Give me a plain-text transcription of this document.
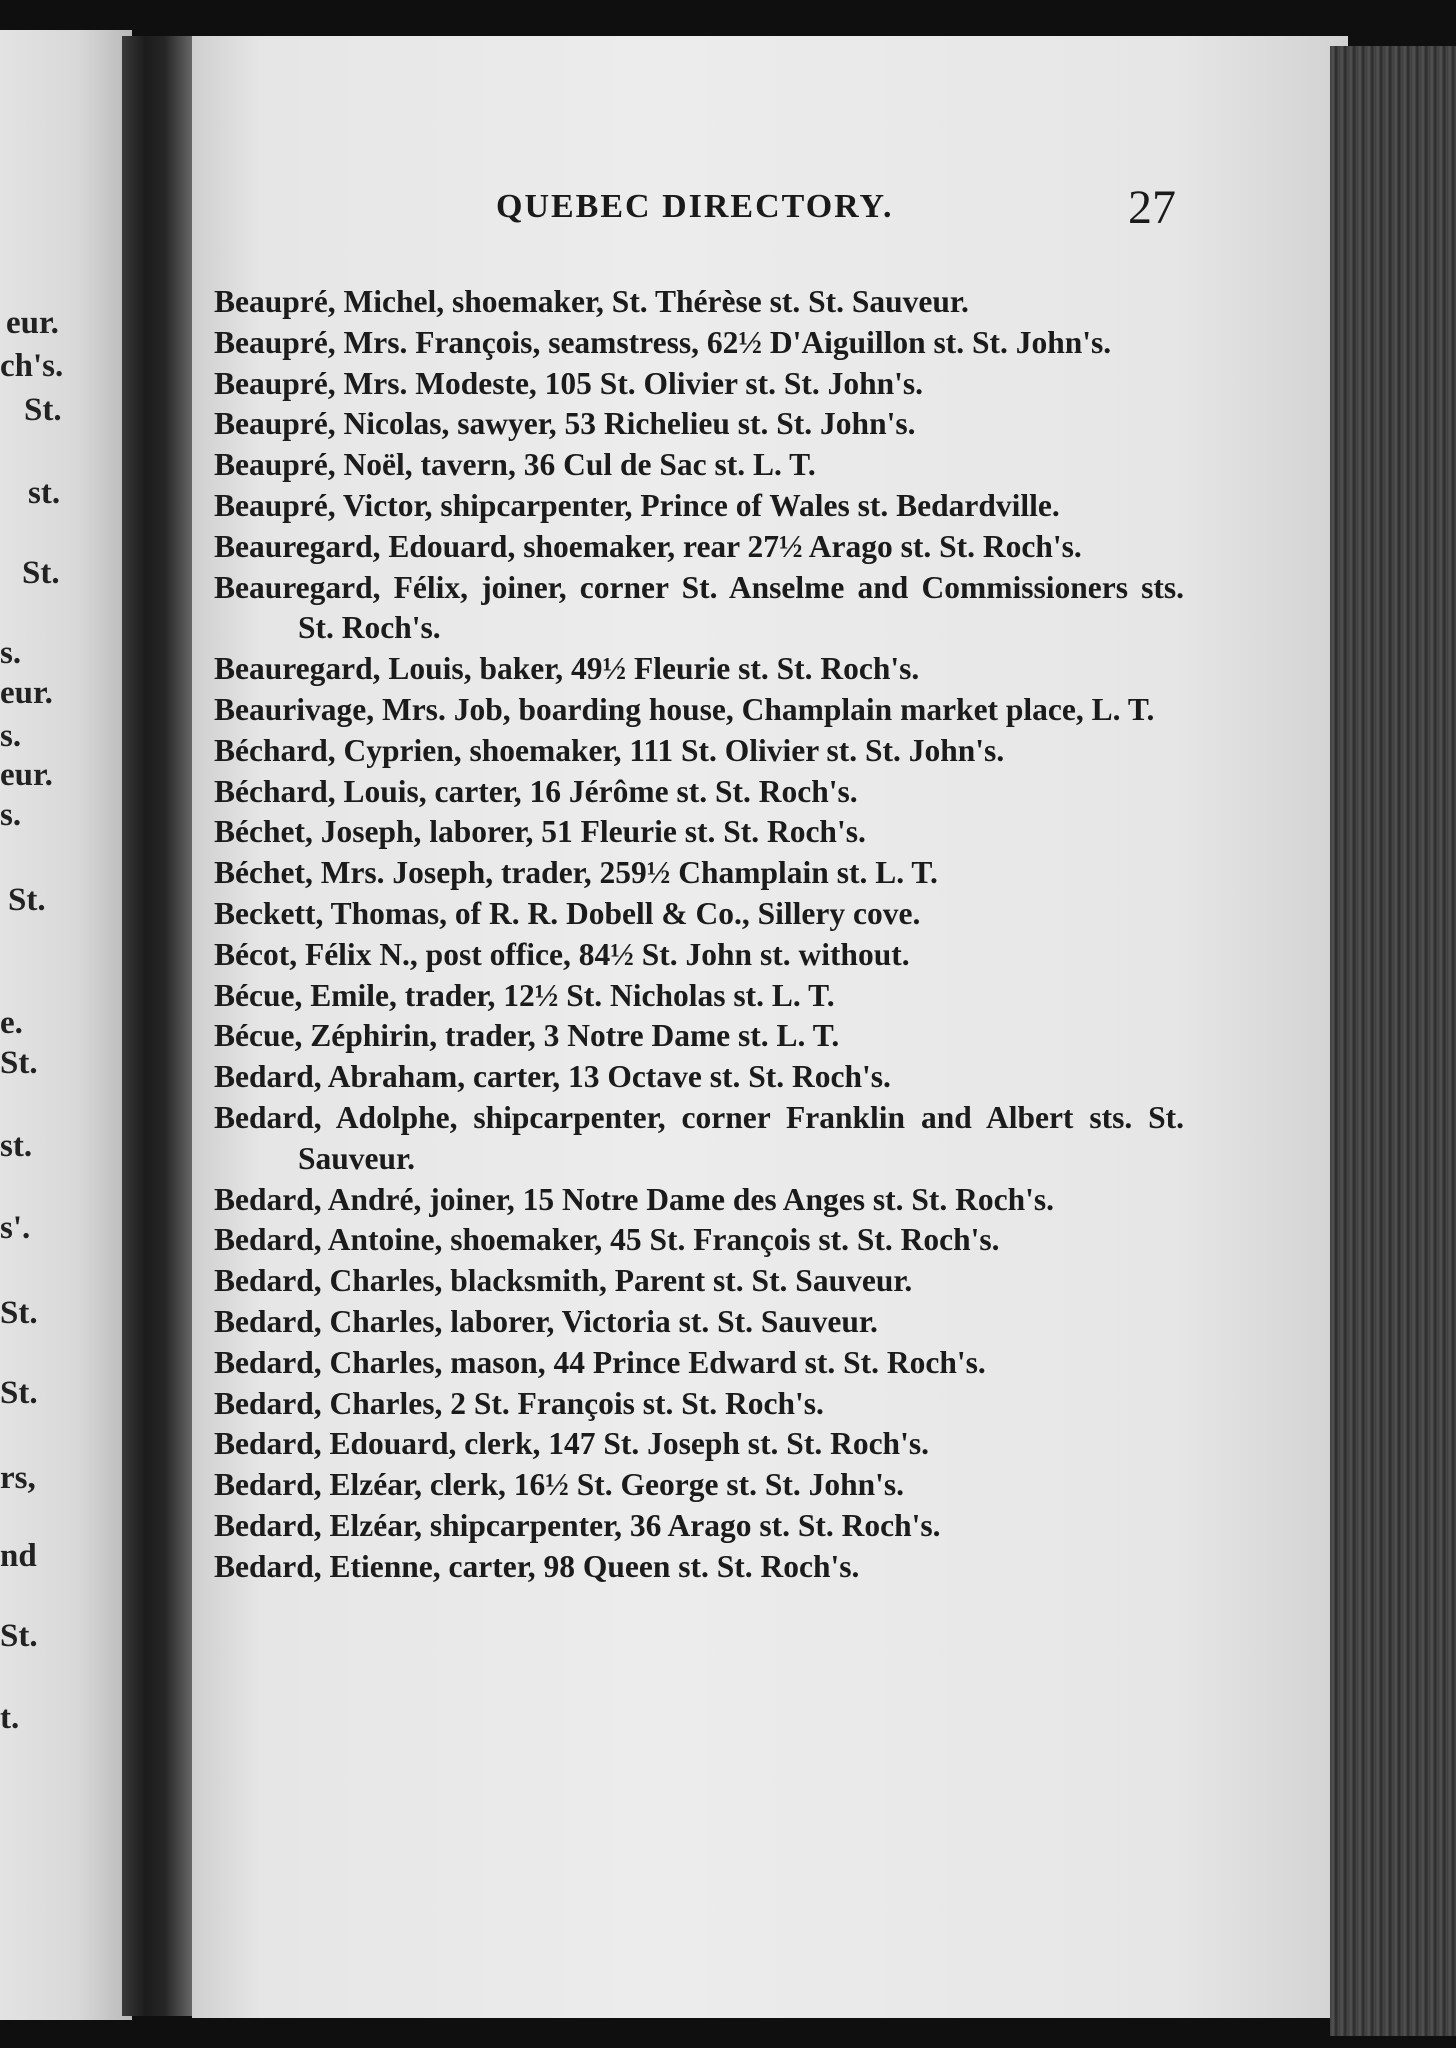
eur.
ch's.
St.
st.
St.
s.
eur.
s.
eur.
s.
St.
e.
St.
st.
s'.
St.
St.
rs,
nd
St.
t.
QUEBEC DIRECTORY.	27
Beaupré, Michel, shoemaker, St. Thérèse st. St. Sauveur.
Beaupré, Mrs. François, seamstress, 62½ D'Aiguillon st. St. John's.
Beaupré, Mrs. Modeste, 105 St. Olivier st. St. John's.
Beaupré, Nicolas, sawyer, 53 Richelieu st. St. John's.
Beaupré, Noël, tavern, 36 Cul de Sac st. L. T.
Beaupré, Victor, shipcarpenter, Prince of Wales st. Bedardville.
Beauregard, Edouard, shoemaker, rear 27½ Arago st. St. Roch's.
Beauregard, Félix, joiner, corner St. Anselme and Commissioners sts. St. Roch's.
Beauregard, Louis, baker, 49½ Fleurie st. St. Roch's.
Beaurivage, Mrs. Job, boarding house, Champlain market place, L. T.
Béchard, Cyprien, shoemaker, 111 St. Olivier st. St. John's.
Béchard, Louis, carter, 16 Jérôme st. St. Roch's.
Béchet, Joseph, laborer, 51 Fleurie st. St. Roch's.
Béchet, Mrs. Joseph, trader, 259½ Champlain st. L. T.
Beckett, Thomas, of R. R. Dobell & Co., Sillery cove.
Bécot, Félix N., post office, 84½ St. John st. without.
Bécue, Emile, trader, 12½ St. Nicholas st. L. T.
Bécue, Zéphirin, trader, 3 Notre Dame st. L. T.
Bedard, Abraham, carter, 13 Octave st. St. Roch's.
Bedard, Adolphe, shipcarpenter, corner Franklin and Albert sts. St. Sauveur.
Bedard, André, joiner, 15 Notre Dame des Anges st. St. Roch's.
Bedard, Antoine, shoemaker, 45 St. François st. St. Roch's.
Bedard, Charles, blacksmith, Parent st. St. Sauveur.
Bedard, Charles, laborer, Victoria st. St. Sauveur.
Bedard, Charles, mason, 44 Prince Edward st. St. Roch's.
Bedard, Charles, 2 St. François st. St. Roch's.
Bedard, Edouard, clerk, 147 St. Joseph st. St. Roch's.
Bedard, Elzéar, clerk, 16½ St. George st. St. John's.
Bedard, Elzéar, shipcarpenter, 36 Arago st. St. Roch's.
Bedard, Etienne, carter, 98 Queen st. St. Roch's.
